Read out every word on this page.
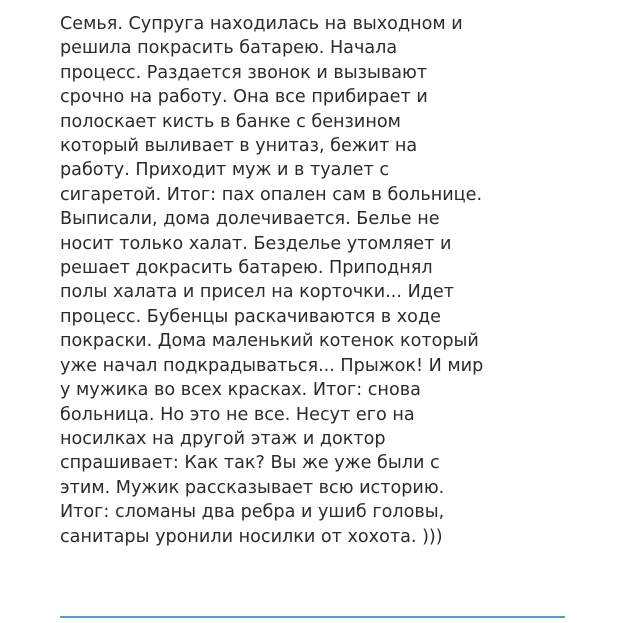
Семья. Супруга находилась на выходном и
решила покрасить батарею. Начала
процесс. Раздается звонок и вызывают
срочно на работу. Она все прибирает и
полоскает кисть в банке с бензином
который выливает в унитаз, бежит на
работу. Приходит муж и в туалет с
сигаретой. Итог: пах опален сам в больнице.
Выписали, дома долечивается. Белье не
носит только халат. Безделье утомляет и
решает докрасить батарею. Приподнял
полы халата и присел на корточки... Идет
процесс. Бубенцы раскачиваются в ходе
покраски. Дома маленький котенок который
уже начал подкрадываться... Прыжок! И мир
у мужика во всех красках. Итог: снова
больница. Но это не все. Несут его на
носилках на другой этаж и доктор
спрашивает: Как так? Вы же уже были с
этим. Мужик рассказывает всю историю.
Итог: сломаны два ребра и ушиб головы,
санитары уронили носилки от хохота. )))
